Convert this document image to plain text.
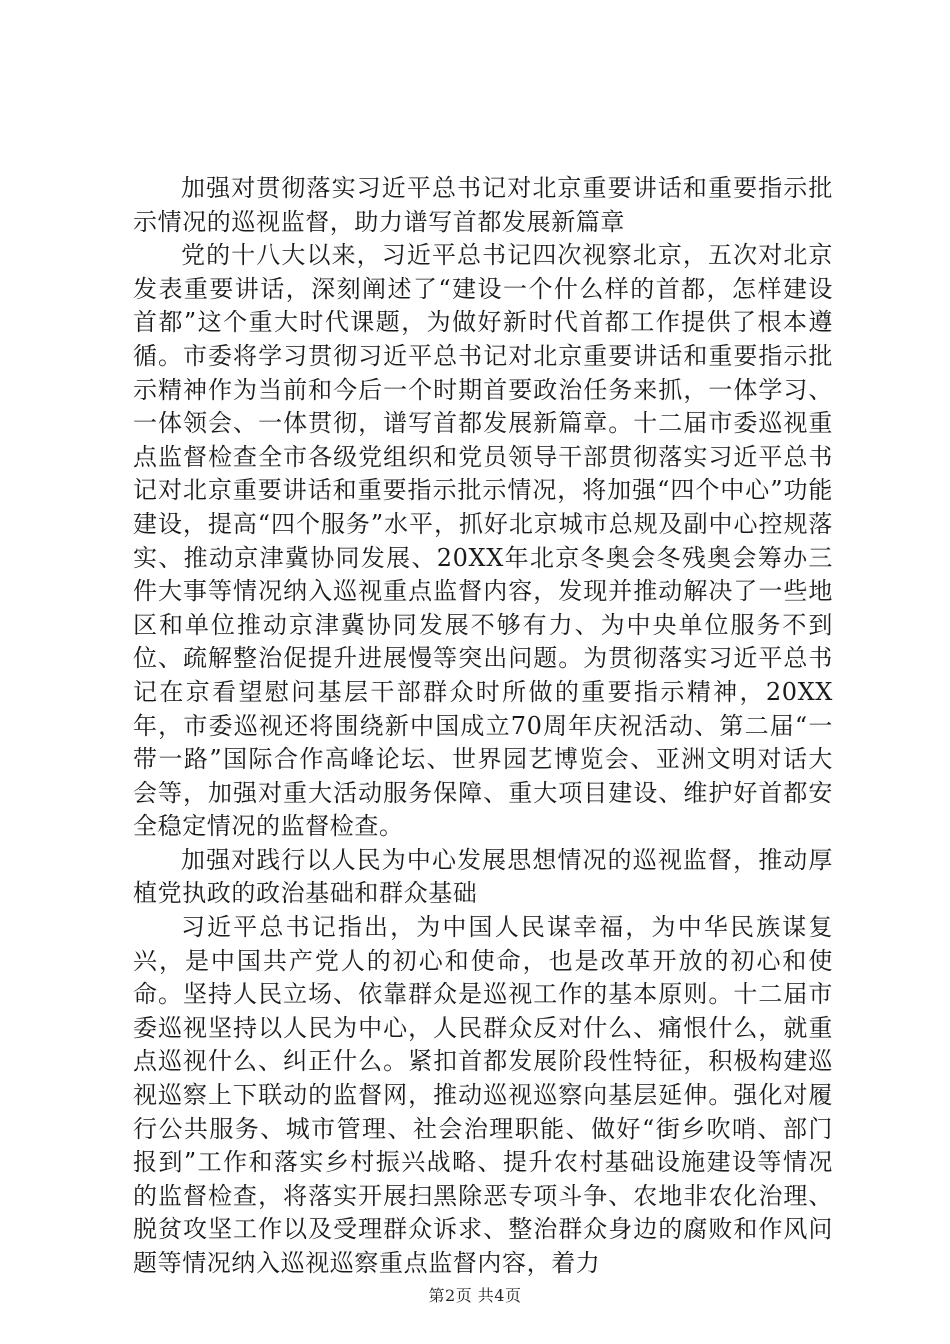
加强对贯彻落实习近平总书记对北京重要讲话和重要指示批示情况的巡视监督，助力谱写首都发展新篇章

党的十八大以来，习近平总书记四次视察北京，五次对北京发表重要讲话，深刻阐述了“建设一个什么样的首都，怎样建设首都”这个重大时代课题，为做好新时代首都工作提供了根本遵循。市委将学习贯彻习近平总书记对北京重要讲话和重要指示批示精神作为当前和今后一个时期首要政治任务来抓，一体学习、一体领会、一体贯彻，谱写首都发展新篇章。十二届市委巡视重点监督检查全市各级党组织和党员领导干部贯彻落实习近平总书记对北京重要讲话和重要指示批示情况，将加强“四个中心”功能建设，提高“四个服务”水平，抓好北京城市总规及副中心控规落实、推动京津冀协同发展、20XX年北京冬奥会冬残奥会筹办三件大事等情况纳入巡视重点监督内容，发现并推动解决了一些地区和单位推动京津冀协同发展不够有力、为中央单位服务不到位、疏解整治促提升进展慢等突出问题。为贯彻落实习近平总书记在京看望慰问基层干部群众时所做的重要指示精神，20XX年，市委巡视还将围绕新中国成立70周年庆祝活动、第二届“一带一路”国际合作高峰论坛、世界园艺博览会、亚洲文明对话大会等，加强对重大活动服务保障、重大项目建设、维护好首都安全稳定情况的监督检查。

加强对践行以人民为中心发展思想情况的巡视监督，推动厚植党执政的政治基础和群众基础

习近平总书记指出，为中国人民谋幸福，为中华民族谋复兴，是中国共产党人的初心和使命，也是改革开放的初心和使命。坚持人民立场、依靠群众是巡视工作的基本原则。十二届市委巡视坚持以人民为中心，人民群众反对什么、痛恨什么，就重点巡视什么、纠正什么。紧扣首都发展阶段性特征，积极构建巡视巡察上下联动的监督网，推动巡视巡察向基层延伸。强化对履行公共服务、城市管理、社会治理职能、做好“街乡吹哨、部门报到”工作和落实乡村振兴战略、提升农村基础设施建设等情况的监督检查，将落实开展扫黑除恶专项斗争、农地非农化治理、脱贫攻坚工作以及受理群众诉求、整治群众身边的腐败和作风问题等情况纳入巡视巡察重点监督内容，着力

第2页 共4页
